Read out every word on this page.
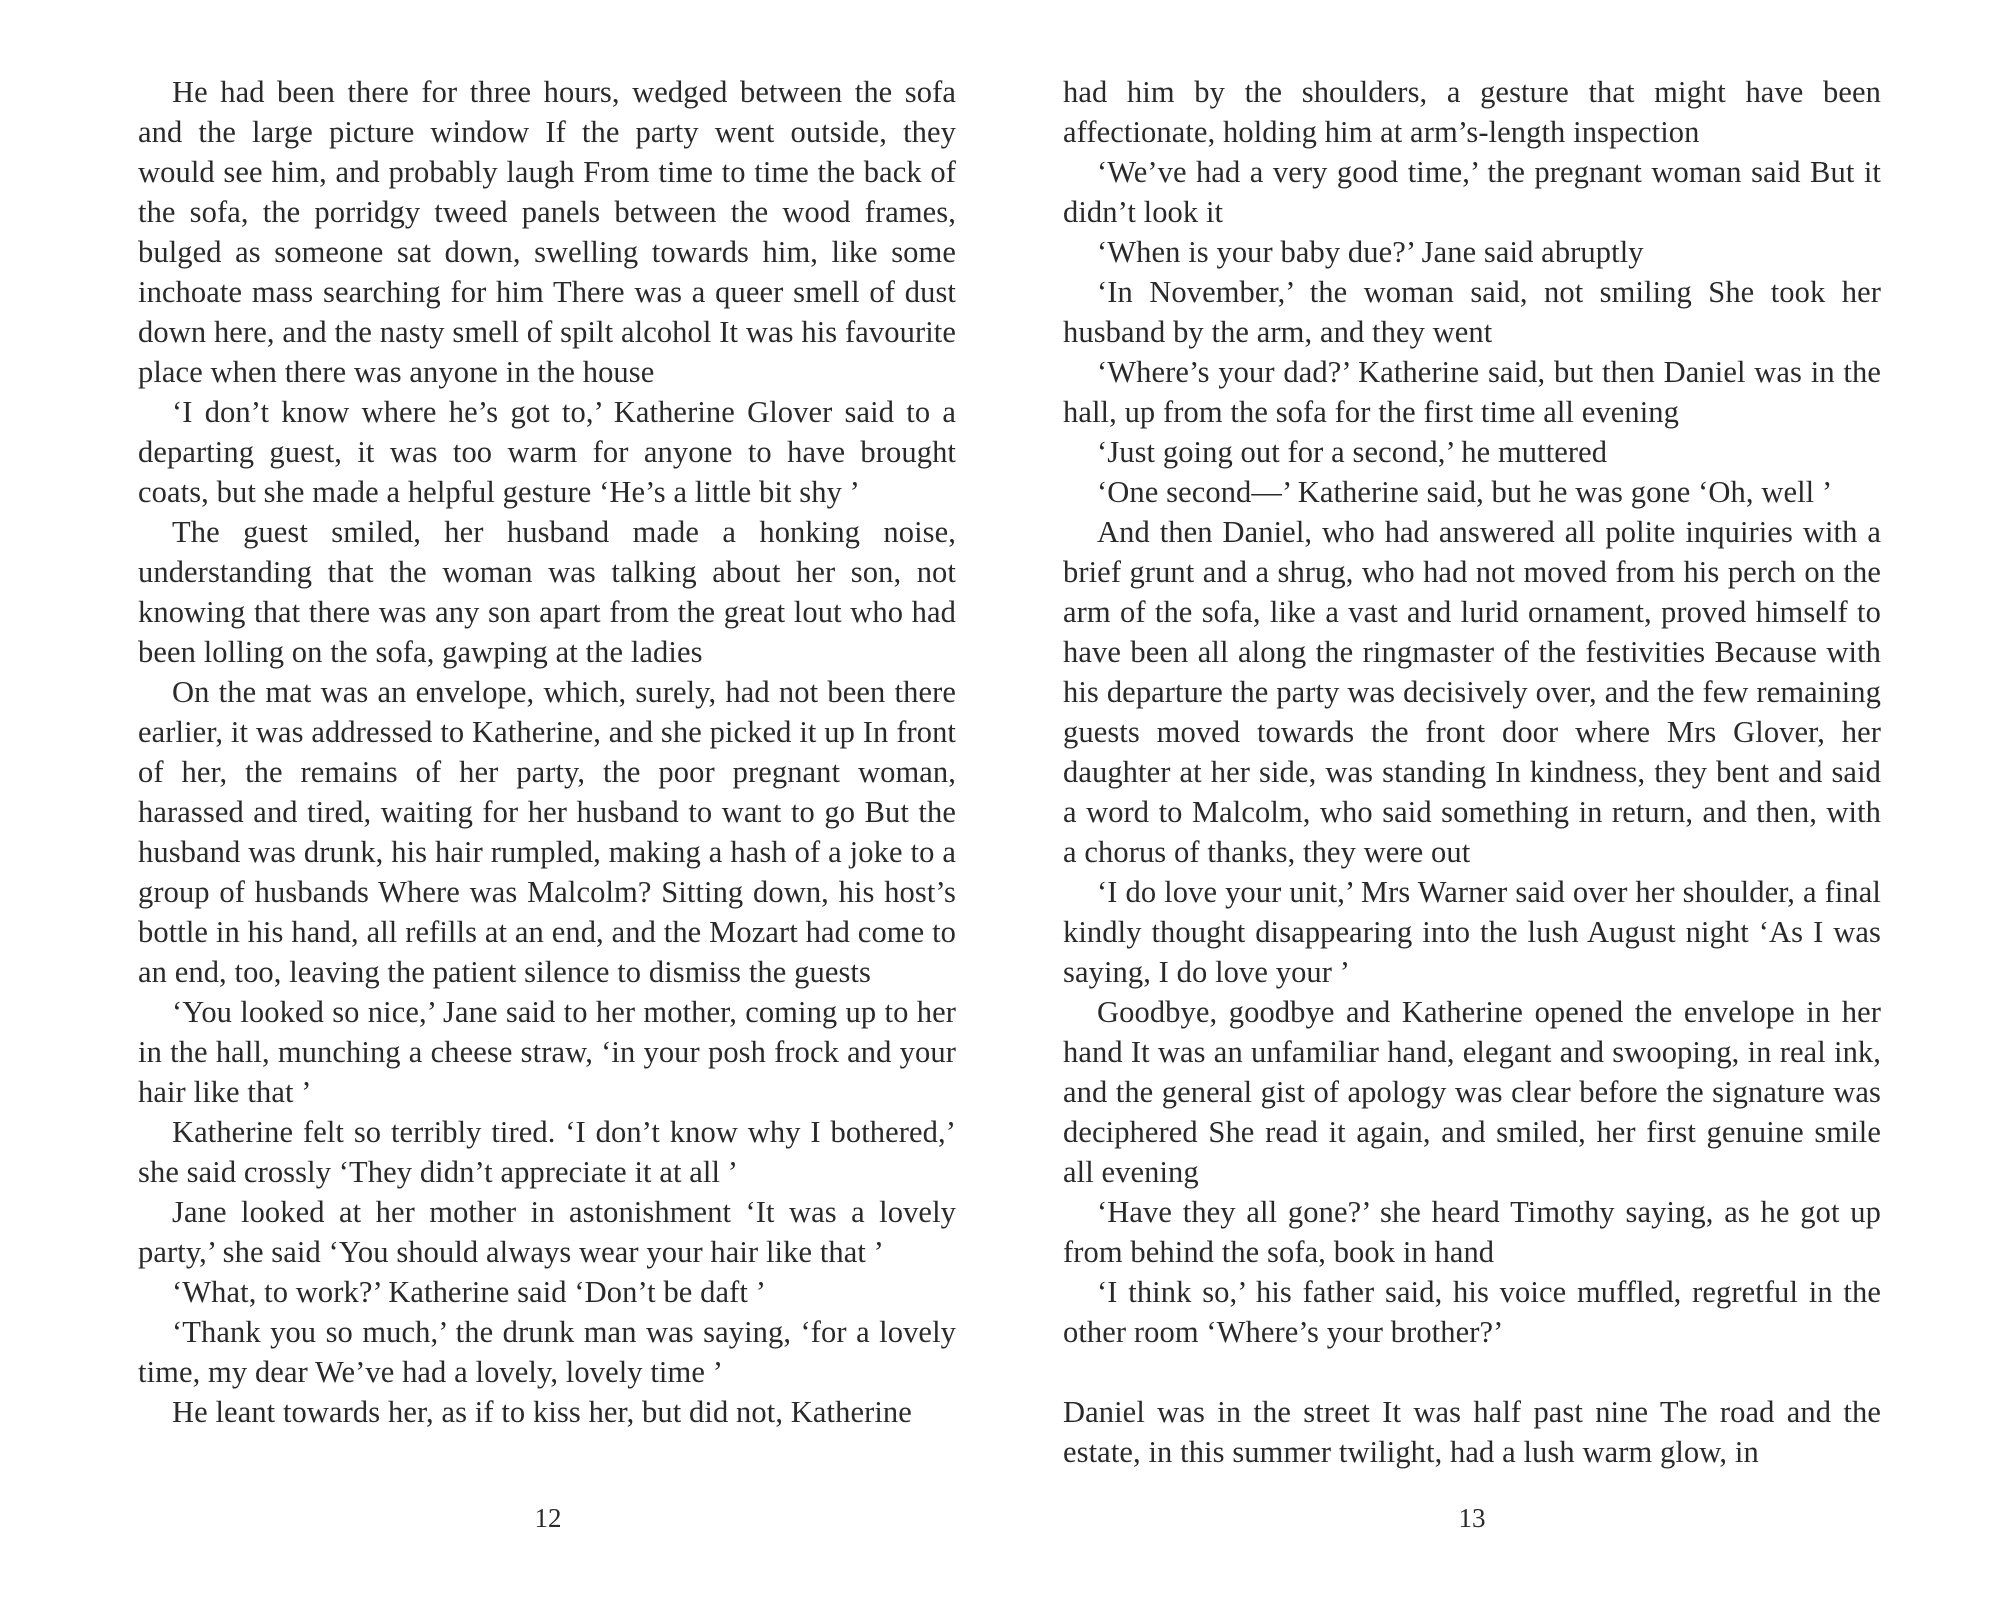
He had been there for three hours, wedged between the sofa and the large picture window If the party went outside, they would see him, and probably laugh From time to time the back of the sofa, the porridgy tweed panels between the wood frames, bulged as someone sat down, swelling towards him, like some inchoate mass searching for him There was a queer smell of dust down here, and the nasty smell of spilt alcohol It was his favourite place when there was anyone in the house

‘I don’t know where he’s got to,’ Katherine Glover said to a departing guest, it was too warm for anyone to have brought coats, but she made a helpful gesture ‘He’s a little bit shy ’

The guest smiled, her husband made a honking noise, understanding that the woman was talking about her son, not knowing that there was any son apart from the great lout who had been lolling on the sofa, gawping at the ladies

On the mat was an envelope, which, surely, had not been there earlier, it was addressed to Katherine, and she picked it up In front of her, the remains of her party, the poor pregnant woman, harassed and tired, waiting for her husband to want to go But the husband was drunk, his hair rumpled, making a hash of a joke to a group of husbands Where was Malcolm? Sitting down, his host’s bottle in his hand, all refills at an end, and the Mozart had come to an end, too, leaving the patient silence to dismiss the guests

‘You looked so nice,’ Jane said to her mother, coming up to her in the hall, munching a cheese straw, ‘in your posh frock and your hair like that ’

Katherine felt so terribly tired. ‘I don’t know why I bothered,’ she said crossly ‘They didn’t appreciate it at all ’

Jane looked at her mother in astonishment ‘It was a lovely party,’ she said ‘You should always wear your hair like that ’

‘What, to work?’ Katherine said ‘Don’t be daft ’

‘Thank you so much,’ the drunk man was saying, ‘for a lovely time, my dear We’ve had a lovely, lovely time ’

He leant towards her, as if to kiss her, but did not, Katherine

12

had him by the shoulders, a gesture that might have been affectionate, holding him at arm’s-length inspection

‘We’ve had a very good time,’ the pregnant woman said But it didn’t look it

‘When is your baby due?’ Jane said abruptly

‘In November,’ the woman said, not smiling She took her husband by the arm, and they went

‘Where’s your dad?’ Katherine said, but then Daniel was in the hall, up from the sofa for the first time all evening

‘Just going out for a second,’ he muttered

‘One second—’ Katherine said, but he was gone ‘Oh, well ’

And then Daniel, who had answered all polite inquiries with a brief grunt and a shrug, who had not moved from his perch on the arm of the sofa, like a vast and lurid ornament, proved himself to have been all along the ringmaster of the festivities Because with his departure the party was decisively over, and the few remaining guests moved towards the front door where Mrs Glover, her daughter at her side, was standing In kindness, they bent and said a word to Malcolm, who said something in return, and then, with a chorus of thanks, they were out

‘I do love your unit,’ Mrs Warner said over her shoulder, a final kindly thought disappearing into the lush August night ‘As I was saying, I do love your ’

Goodbye, goodbye and Katherine opened the envelope in her hand It was an unfamiliar hand, elegant and swooping, in real ink, and the general gist of apology was clear before the signature was deciphered She read it again, and smiled, her first genuine smile all evening

‘Have they all gone?’ she heard Timothy saying, as he got up from behind the sofa, book in hand

‘I think so,’ his father said, his voice muffled, regretful in the other room ‘Where’s your brother?’

Daniel was in the street It was half past nine The road and the estate, in this summer twilight, had a lush warm glow, in

13
